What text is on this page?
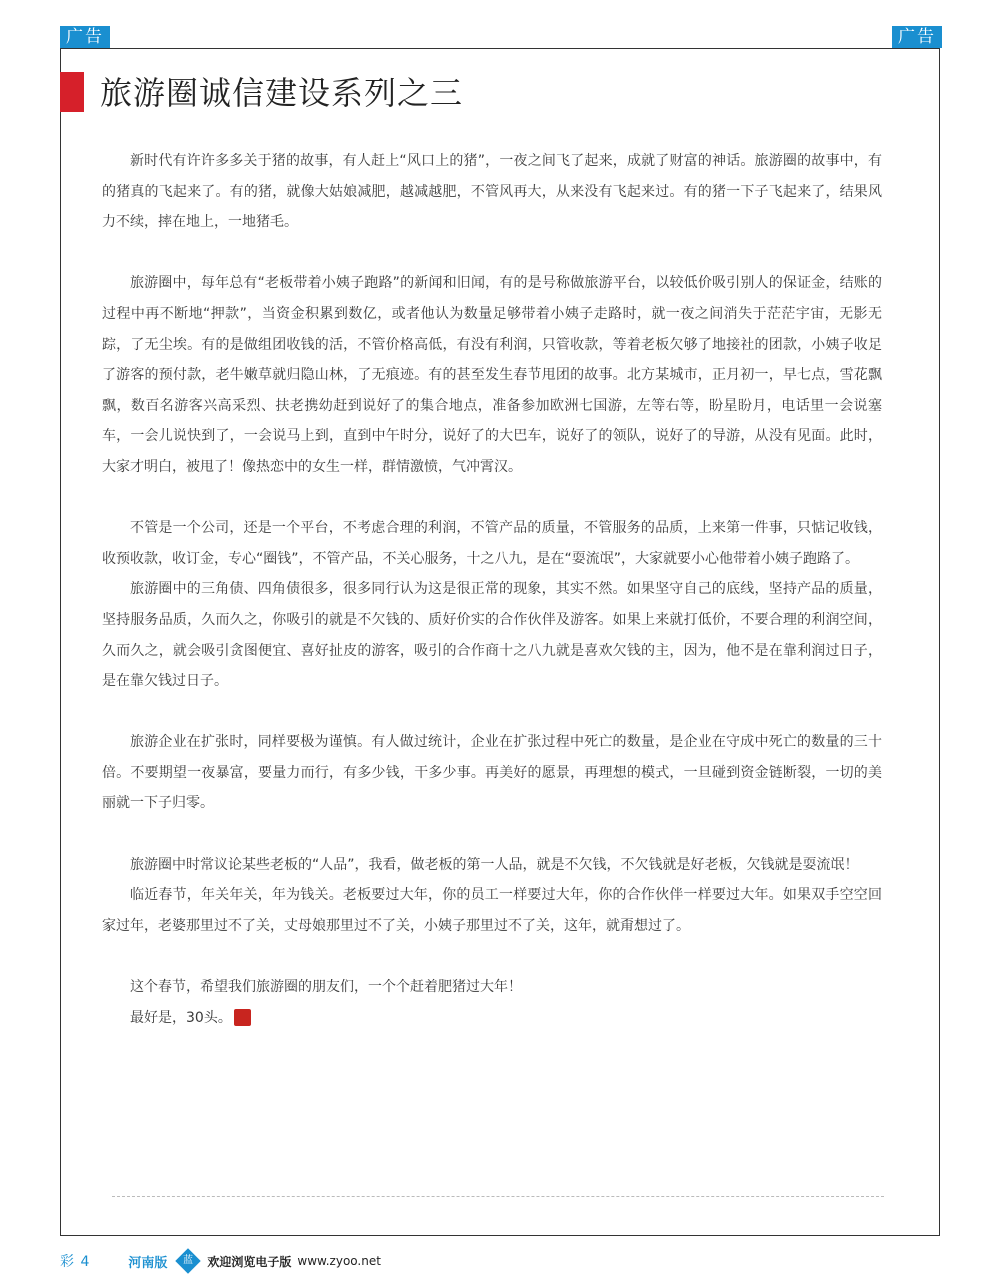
广告	广告
旅游圈诚信建设系列之三

新时代有许许多多关于猪的故事，有人赶上“风口上的猪”，一夜之间飞了起来，成就了财富的神话。旅游圈的故事中，有的猪真的飞起来了。有的猪，就像大姑娘减肥，越减越肥，不管风再大，从来没有飞起来过。有的猪一下子飞起来了，结果风力不续，摔在地上，一地猪毛。

旅游圈中，每年总有“老板带着小姨子跑路”的新闻和旧闻，有的是号称做旅游平台，以较低价吸引别人的保证金，结账的过程中再不断地“押款”，当资金积累到数亿，或者他认为数量足够带着小姨子走路时，就一夜之间消失于茫茫宇宙，无影无踪，了无尘埃。有的是做组团收钱的活，不管价格高低，有没有利润，只管收款，等着老板欠够了地接社的团款，小姨子收足了游客的预付款，老牛嫩草就归隐山林，了无痕迹。有的甚至发生春节甩团的故事。北方某城市，正月初一，早七点，雪花飘飘，数百名游客兴高采烈、扶老携幼赶到说好了的集合地点，准备参加欧洲七国游，左等右等，盼星盼月，电话里一会说塞车，一会儿说快到了，一会说马上到，直到中午时分，说好了的大巴车，说好了的领队，说好了的导游，从没有见面。此时，大家才明白，被甩了！像热恋中的女生一样，群情激愤，气冲霄汉。

不管是一个公司，还是一个平台，不考虑合理的利润，不管产品的质量，不管服务的品质，上来第一件事，只惦记收钱，收预收款，收订金，专心“圈钱”，不管产品，不关心服务，十之八九，是在“耍流氓”，大家就要小心他带着小姨子跑路了。

旅游圈中的三角债、四角债很多，很多同行认为这是很正常的现象，其实不然。如果坚守自己的底线，坚持产品的质量，坚持服务品质，久而久之，你吸引的就是不欠钱的、质好价实的合作伙伴及游客。如果上来就打低价，不要合理的利润空间，久而久之，就会吸引贪图便宜、喜好扯皮的游客，吸引的合作商十之八九就是喜欢欠钱的主，因为，他不是在靠利润过日子，是在靠欠钱过日子。

旅游企业在扩张时，同样要极为谨慎。有人做过统计，企业在扩张过程中死亡的数量，是企业在守成中死亡的数量的三十倍。不要期望一夜暴富，要量力而行，有多少钱，干多少事。再美好的愿景，再理想的模式，一旦碰到资金链断裂，一切的美丽就一下子归零。

旅游圈中时常议论某些老板的“人品”，我看，做老板的第一人品，就是不欠钱，不欠钱就是好老板，欠钱就是耍流氓！

临近春节，年关年关，年为钱关。老板要过大年，你的员工一样要过大年，你的合作伙伴一样要过大年。如果双手空空回家过年，老婆那里过不了关，丈母娘那里过不了关，小姨子那里过不了关，这年，就甭想过了。

这个春节，希望我们旅游圈的朋友们，一个个赶着肥猪过大年！

最好是，30头。	信

彩 4	河南版 蓝 欢迎浏览电子版 www.zyoo.net
